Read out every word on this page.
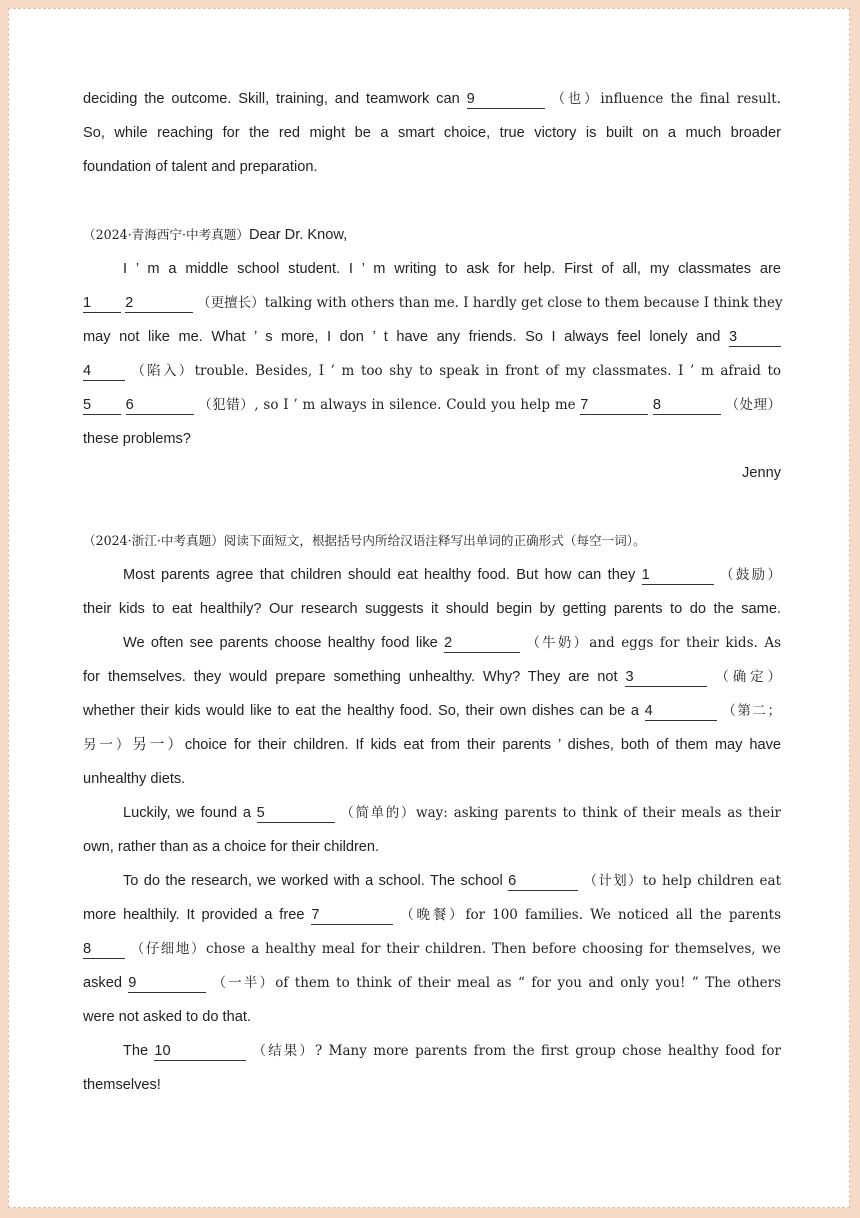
deciding the outcome. Skill, training, and teamwork can 9	（也）influence the final result.
So, while reaching for the red might be a smart choice, true victory is built on a much broader
foundation of talent and preparation.
（2024·青海西宁·中考真题）Dear Dr. Know,
I ’ m a middle school student. I ’ m writing to ask for help. First of all, my classmates are
1 2	（更擅长）talking with others than me. I hardly get close to them because I think they
may not like me. What ’ s more, I don ’ t have any friends. So I always feel lonely and 3
4	（陷入）trouble. Besides, I ’ m too shy to speak in front of my classmates. I ’ m afraid to
5 6	（犯错）, so I ’ m always in silence. Could you help me 7	8	（处理）
these problems?
Jenny
（2024·浙江·中考真题）阅读下面短文，根据括号内所给汉语注释写出单词的正确形式（每空一词）。
Most parents agree that children should eat healthy food. But how can they 1	（鼓励）
their kids to eat healthily? Our research suggests it should begin by getting parents to do the same.
We often see parents choose healthy food like 2	（牛奶）and eggs for their kids. As
for themselves. they would prepare something unhealthy. Why? They are not 3	（确定）
whether their kids would like to eat the healthy food. So, their own dishes can be a 4	（第二；
另一）另一）choice for their children. If kids eat from their parents ’ dishes, both of them may have
unhealthy diets.
Luckily, we found a 5	（简单的）way: asking parents to think of their meals as their
own, rather than as a choice for their children.
To do the research, we worked with a school. The school 6	（计划）to help children eat
more healthily. It provided a free 7	（晚餐）for 100 families. We noticed all the parents
8	（仔细地）chose a healthy meal for their children. Then before choosing for themselves, we
asked 9	（一半）of them to think of their meal as “ for you and only you! ” The others
were not asked to do that.
The 10	（结果）? Many more parents from the first group chose healthy food for
themselves!
